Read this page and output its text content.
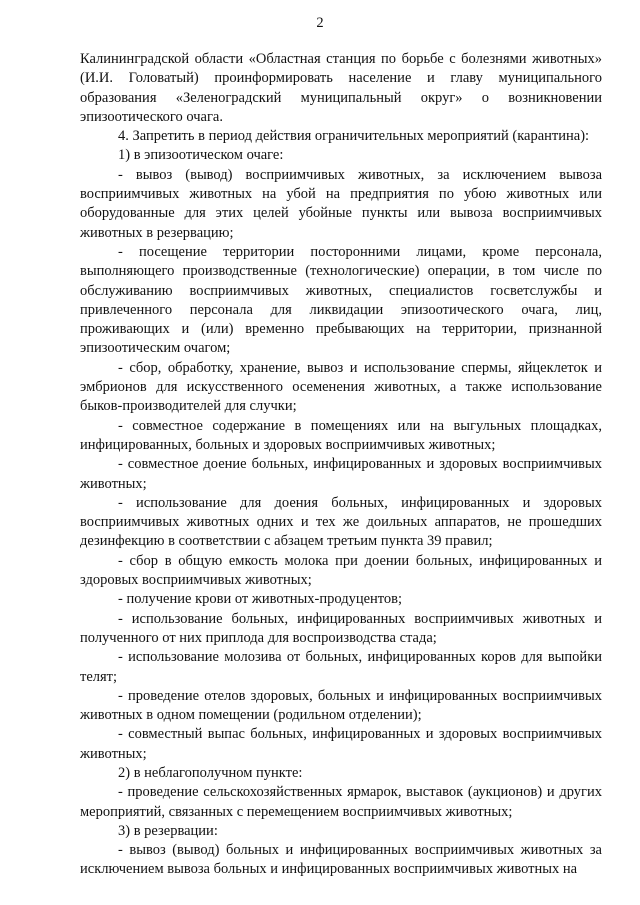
2

Калининградской области «Областная станция по борьбе с болезнями животных» (И.И. Головатый) проинформировать население и главу муниципального образования «Зеленоградский муниципальный округ» о возникновении эпизоотического очага.

4. Запретить в период действия ограничительных мероприятий (карантина):

1) в эпизоотическом очаге:

- вывоз (вывод) восприимчивых животных, за исключением вывоза восприимчивых животных на убой на предприятия по убою животных или оборудованные для этих целей убойные пункты или вывоза восприимчивых животных в резервацию;

- посещение территории посторонними лицами, кроме персонала, выполняющего производственные (технологические) операции, в том числе по обслуживанию восприимчивых животных, специалистов госветслужбы и привлеченного персонала для ликвидации эпизоотического очага, лиц, проживающих и (или) временно пребывающих на территории, признанной эпизоотическим очагом;

- сбор, обработку, хранение, вывоз и использование спермы, яйцеклеток и эмбрионов для искусственного осеменения животных, а также использование быков-производителей для случки;

- совместное содержание в помещениях или на выгульных площадках, инфицированных, больных и здоровых восприимчивых животных;

- совместное доение больных, инфицированных и здоровых восприимчивых животных;

- использование для доения больных, инфицированных и здоровых восприимчивых животных одних и тех же доильных аппаратов, не прошедших дезинфекцию в соответствии с абзацем третьим пункта 39 правил;

- сбор в общую емкость молока при доении больных, инфицированных и здоровых восприимчивых животных;

- получение крови от животных-продуцентов;

- использование больных, инфицированных восприимчивых животных и полученного от них приплода для воспроизводства стада;

- использование молозива от больных, инфицированных коров для выпойки телят;

- проведение отелов здоровых, больных и инфицированных восприимчивых животных в одном помещении (родильном отделении);

- совместный выпас больных, инфицированных и здоровых восприимчивых животных;

2) в неблагополучном пункте:

- проведение сельскохозяйственных ярмарок, выставок (аукционов) и других мероприятий, связанных с перемещением восприимчивых животных;

3) в резервации:

- вывоз (вывод) больных и инфицированных восприимчивых животных за исключением вывоза больных и инфицированных восприимчивых животных на
